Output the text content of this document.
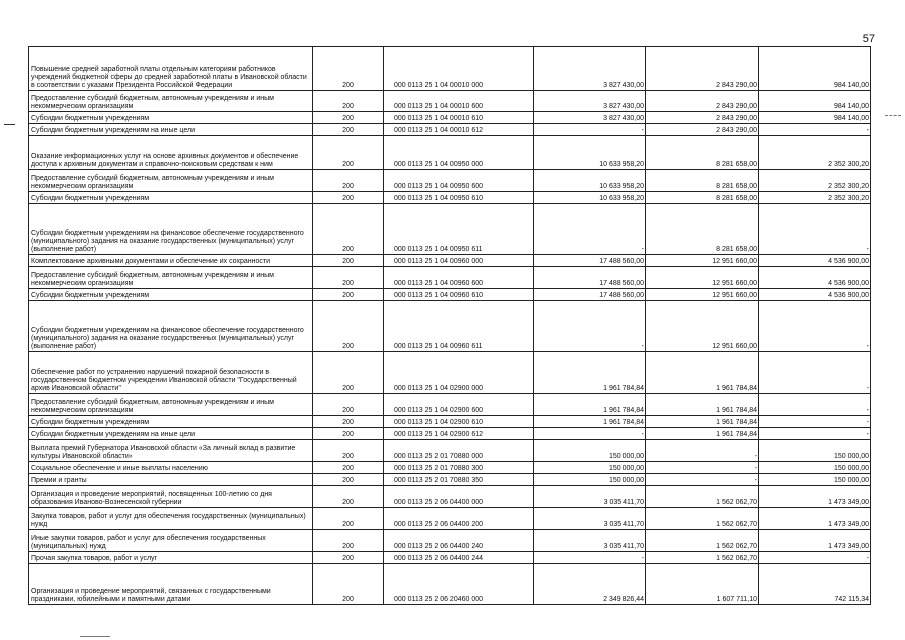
57
Повышение средней заработной платы отдельным категориям работников учреждений бюджетной сферы до средней заработной платы в Ивановской области в соответствии с указами Президента Российской Федерации	200	000 0113 25 1 04 00010 000	3 827 430,00	2 843 290,00	984 140,00
Предоставление субсидий бюджетным, автономным учреждениям и иным некоммерческим организациям	200	000 0113 25 1 04 00010 600	3 827 430,00	2 843 290,00	984 140,00
Субсидии бюджетным учреждениям	200	000 0113 25 1 04 00010 610	3 827 430,00	2 843 290,00	984 140,00
Субсидии бюджетным учреждениям на иные цели	200	000 0113 25 1 04 00010 612	-	2 843 290,00	-
Оказание информационных услуг на основе архивных документов и обеспечение доступа к архивным документам и справочно-поисковым средствам к ним	200	000 0113 25 1 04 00950 000	10 633 958,20	8 281 658,00	2 352 300,20
Предоставление субсидий бюджетным, автономным учреждениям и иным некоммерческим организациям	200	000 0113 25 1 04 00950 600	10 633 958,20	8 281 658,00	2 352 300,20
Субсидии бюджетным учреждениям	200	000 0113 25 1 04 00950 610	10 633 958,20	8 281 658,00	2 352 300,20
Субсидии бюджетным учреждениям на финансовое обеспечение государственного (муниципального) задания на оказание государственных (муниципальных) услуг (выполнение работ)	200	000 0113 25 1 04 00950 611	-	8 281 658,00	-
Комплектование архивными документами и обеспечение их сохранности	200	000 0113 25 1 04 00960 000	17 488 560,00	12 951 660,00	4 536 900,00
Предоставление субсидий бюджетным, автономным учреждениям и иным некоммерческим организациям	200	000 0113 25 1 04 00960 600	17 488 560,00	12 951 660,00	4 536 900,00
Субсидии бюджетным учреждениям	200	000 0113 25 1 04 00960 610	17 488 560,00	12 951 660,00	4 536 900,00
Субсидии бюджетным учреждениям на финансовое обеспечение государственного (муниципального) задания на оказание государственных (муниципальных) услуг (выполнение работ)	200	000 0113 25 1 04 00960 611	-	12 951 660,00	-
Обеспечение работ по устранению нарушений пожарной безопасности в государственном бюджетном учреждении Ивановской области "Государственный архив Ивановской области"	200	000 0113 25 1 04 02900 000	1 961 784,84	1 961 784,84	-
Предоставление субсидий бюджетным, автономным учреждениям и иным некоммерческим организациям	200	000 0113 25 1 04 02900 600	1 961 784,84	1 961 784,84	-
Субсидии бюджетным учреждениям	200	000 0113 25 1 04 02900 610	1 961 784,84	1 961 784,84	-
Субсидии бюджетным учреждениям на иные цели	200	000 0113 25 1 04 02900 612	-	1 961 784,84	-
Выплата премий Губернатора Ивановской области «За личный вклад в развитие культуры Ивановской области»	200	000 0113 25 2 01 70880 000	150 000,00	-	150 000,00
Социальное обеспечение и иные выплаты населению	200	000 0113 25 2 01 70880 300	150 000,00	-	150 000,00
Премии и гранты	200	000 0113 25 2 01 70880 350	150 000,00	-	150 000,00
Организация и проведение мероприятий, посвященных 100-летию со дня образования Иваново-Вознесенской губернии	200	000 0113 25 2 06 04400 000	3 035 411,70	1 562 062,70	1 473 349,00
Закупка товаров, работ и услуг для обеспечения государственных (муниципальных) нужд	200	000 0113 25 2 06 04400 200	3 035 411,70	1 562 062,70	1 473 349,00
Иные закупки товаров, работ и услуг для обеспечения государственных (муниципальных) нужд	200	000 0113 25 2 06 04400 240	3 035 411,70	1 562 062,70	1 473 349,00
Прочая закупка товаров, работ и услуг	200	000 0113 25 2 06 04400 244	-	1 562 062,70	-
Организация и проведение мероприятий, связанных с государственными праздниками, юбилейными и памятными датами	200	000 0113 25 2 06 20460 000	2 349 826,44	1 607 711,10	742 115,34
